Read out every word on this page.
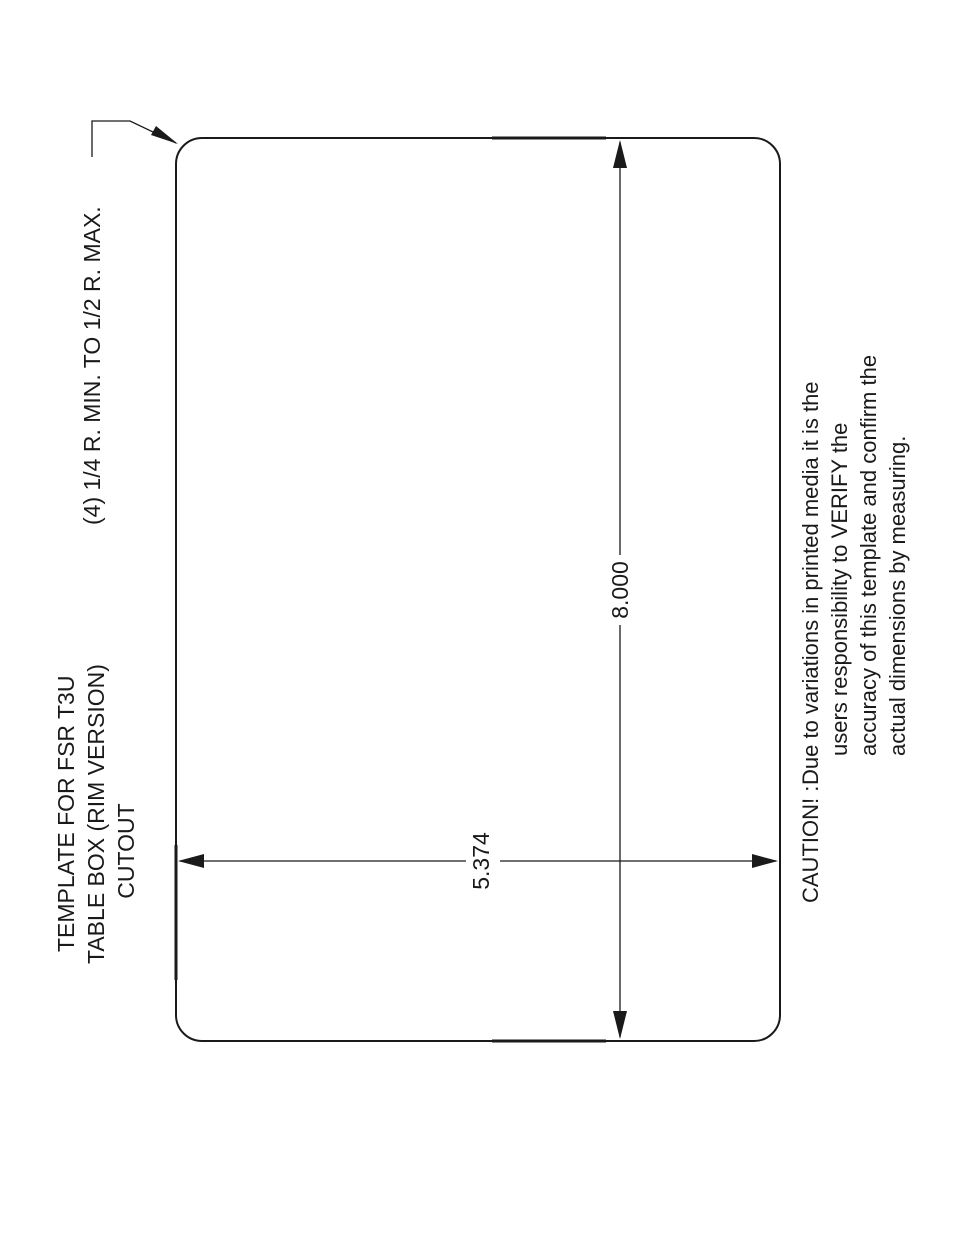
5.374
8.000
TEMPLATE FOR FSR T3U TABLE BOX (RIM VERSION) CUTOUT
(4) 1/4 R. MIN. TO 1/2 R. MAX.
CAUTION! :
Due to variations in printed media it is the users responsibility to VERIFY the accuracy of this template and confirm the actual dimensions by measuring.
